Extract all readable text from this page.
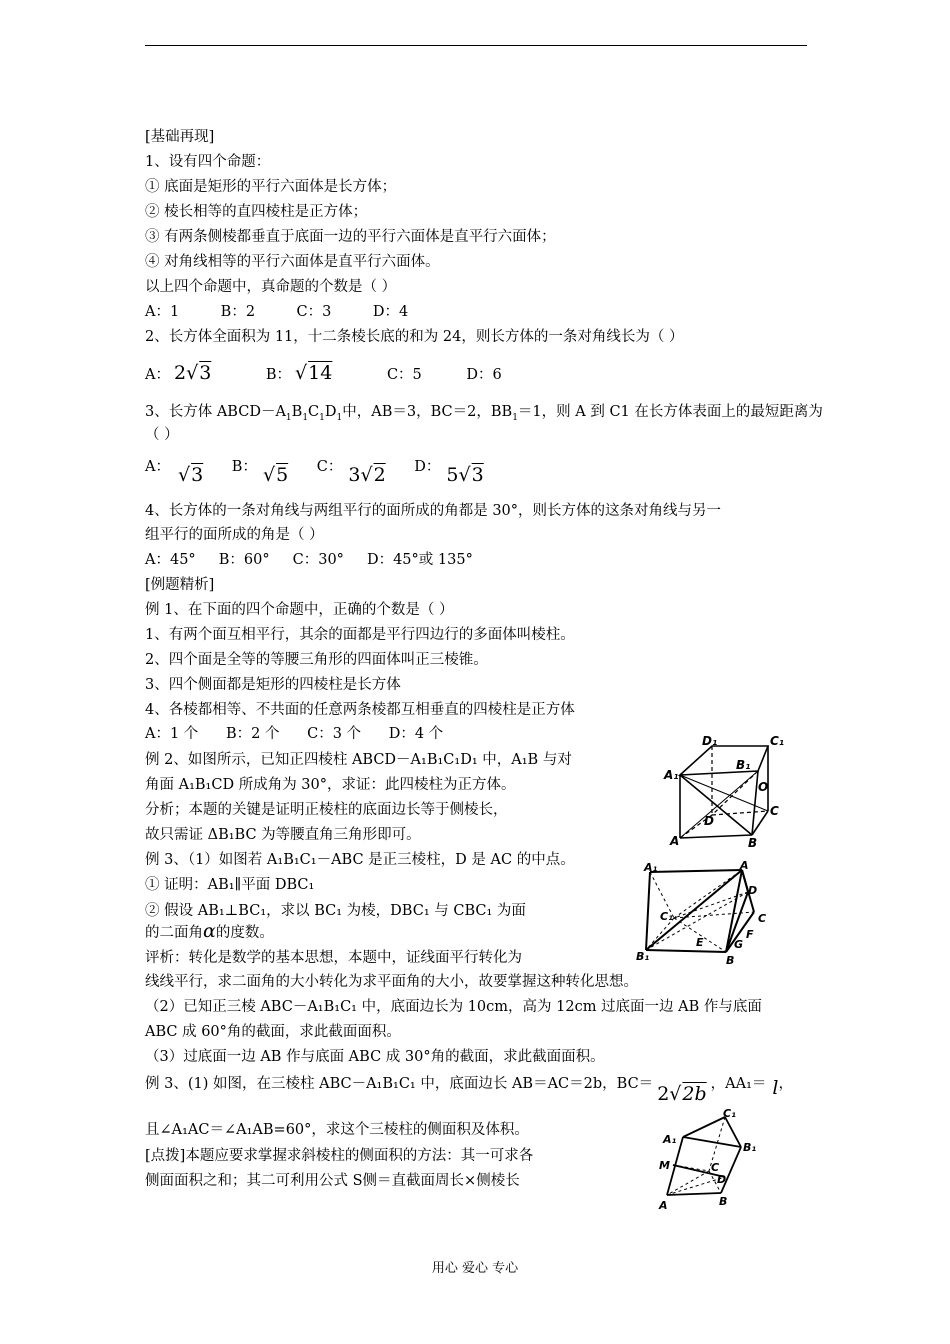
[基础再现]
1、设有四个命题：
① 底面是矩形的平行六面体是长方体；
② 棱长相等的直四棱柱是正方体；
③ 有两条侧棱都垂直于底面一边的平行六面体是直平行六面体；
④ 对角线相等的平行六面体是直平行六面体。
以上四个命题中，真命题的个数是（ ）
A：1         B：2         C：3         D：4
2、长方体全面积为 11，十二条棱长底的和为 24，则长方体的一条对角线长为（ ）
A： 2√3	B： √14	C：5	D：6
3、长方体 $ABCD-A_1B_1C_1D_1$中，AB＝3，BC＝2，$BB_1=1$，则 A 到 C1 在长方体表面上的最短距离为
（ ）
A： √3 B： √5 C： 3√2 D： 5√3
4、长方体的一条对角线与两组平行的面所成的角都是 30°，则长方体的这条对角线与另一
组平行的面所成的角是（ ）
A：45°     B：60°     C：30°     D：45°或 135°
[例题精析]
例 1、在下面的四个命题中，正确的个数是（ ）
1、有两个面互相平行，其余的面都是平行四边行的多面体叫棱柱。
2、四个面是全等的等腰三角形的四面体叫正三棱锥。
3、四个侧面都是矩形的四棱柱是长方体
4、各棱都相等、不共面的任意两条棱都互相垂直的四棱柱是正方体
A：1 个      B：2 个      C：3 个      D：4 个
例 2、如图所示，已知正四棱柱 ABCD－A₁B₁C₁D₁ 中，A₁B 与对
角面 A₁B₁CD 所成角为 30°，求证：此四棱柱为正方体。
分析；本题的关键是证明正棱柱的底面边长等于侧棱长，
故只需证 ΔB₁BC 为等腰直角三角形即可。
例 3、（1）如图若 A₁B₁C₁－ABC 是正三棱柱，D 是 AC 的中点。
① 证明：AB₁∥平面 DBC₁
② 假设 AB₁⊥BC₁，求以 BC₁ 为棱，DBC₁ 与 CBC₁ 为面
的二面角α的度数。
评析：转化是数学的基本思想，本题中，证线面平行转化为
线线平行，求二面角的大小转化为求平面角的大小，故要掌握这种转化思想。
（2）已知正三棱 ABC－A₁B₁C₁ 中，底面边长为 10cm，高为 12cm 过底面一边 AB 作与底面
ABC 成 60°角的截面，求此截面面积。
（3）过底面一边 AB 作与底面 ABC 成 30°角的截面，求此截面面积。
例 3、(1) 如图，在三棱柱 ABC－A₁B₁C₁ 中，底面边长 AB＝AC＝2b，BC＝ 2√2b ，AA₁＝ l，
且∠A₁AC＝∠A₁AB=60°，求这个三棱柱的侧面积及体积。
[点拨]本题应要求掌握求斜棱柱的侧面积的方法：其一可求各
侧面面积之和；其二可利用公式 S侧＝直截面周长×侧棱长
D₁	C₁
B₁
A₁
O
C
D
A	B
A₁	A
D
C₁	C
F
E	G
B₁	B
C₁
B₁
A₁
M	C
D
A	B
用心 爱心 专心
